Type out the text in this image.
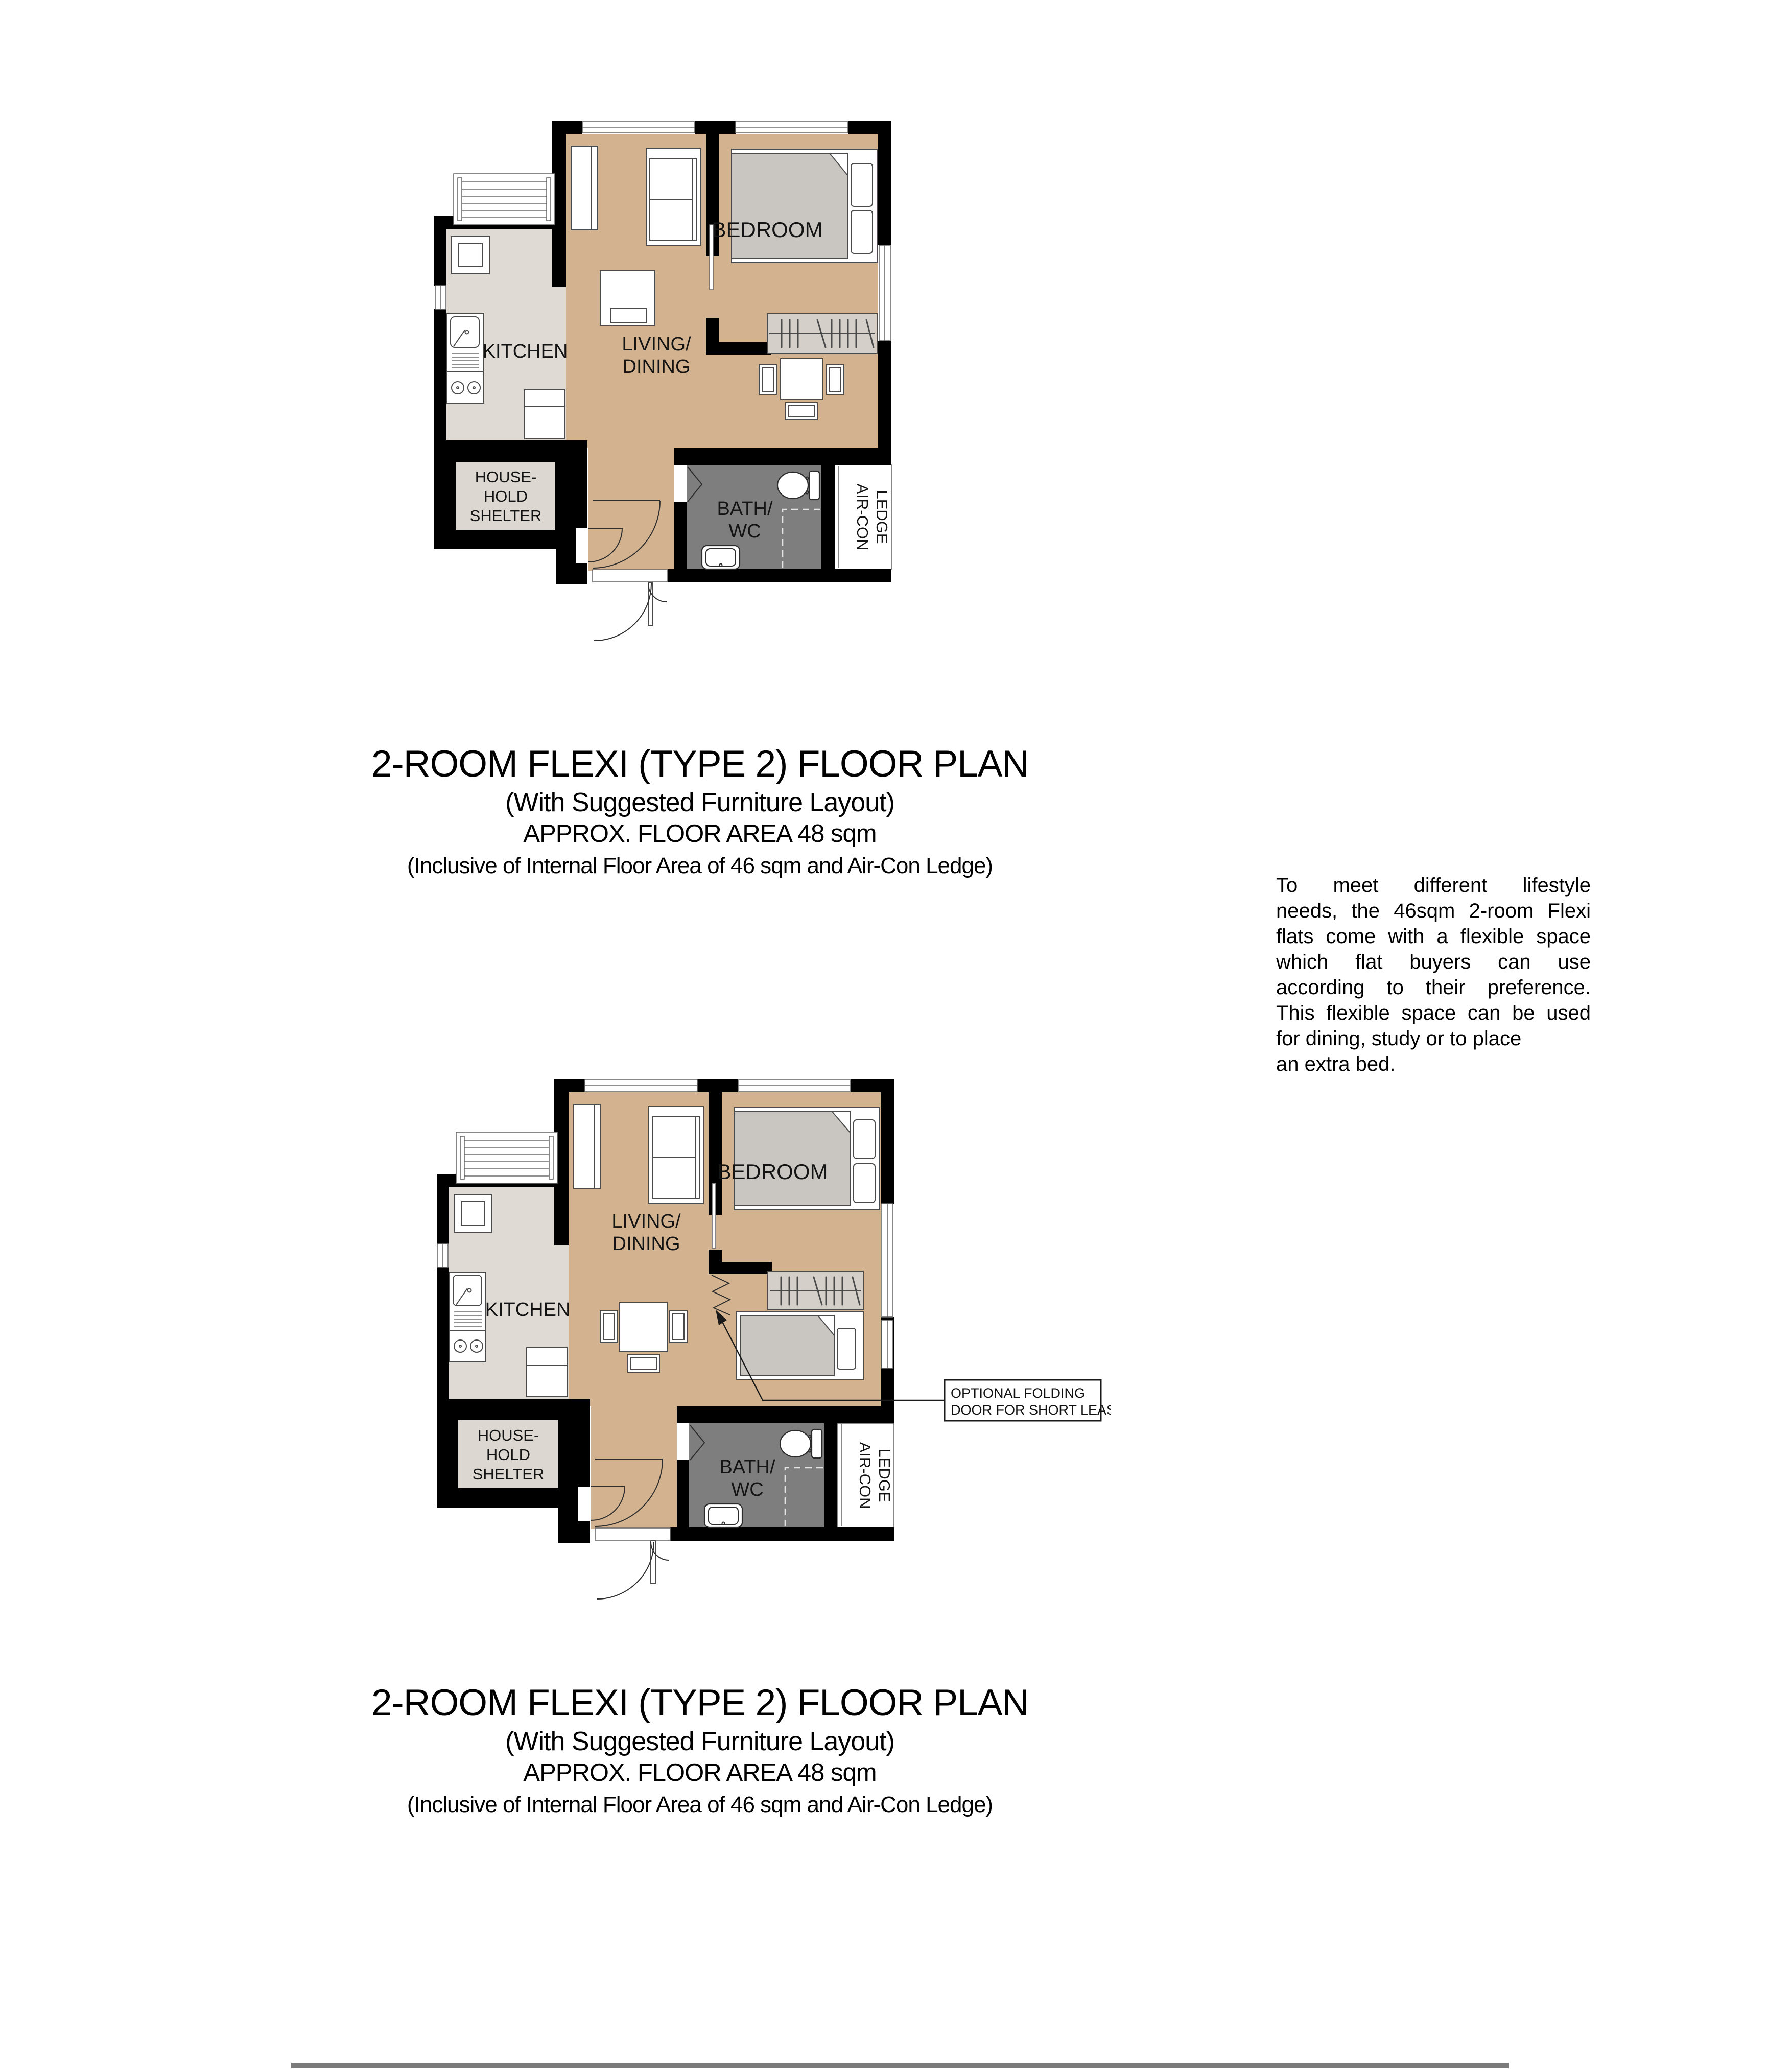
KITCHEN	LIVING/
DINING
BEDROOM
HOUSE-
HOLD
SHELTER	BATH/
WC	AIR-CON LEDGE
2-ROOM FLEXI (TYPE 2) FLOOR PLAN
(With Suggested Furniture Layout)
APPROX. FLOOR AREA 48 sqm
(Inclusive of Internal Floor Area of 46 sqm and Air-Con Ledge)
To meet different lifestyle
needs, the 46sqm 2-room Flexi
flats come with a flexible space
which flat buyers can use
according to their preference.
This flexible space can be used
for dining, study or to place
an extra bed.
OPTIONAL FOLDING
DOOR FOR SHORT LEASE
KITCHEN
LIVING/
DINING
BEDROOM
HOUSE-
HOLD
SHELTER	BATH/
WC	AIR-CON LEDGE
2-ROOM FLEXI (TYPE 2) FLOOR PLAN
(With Suggested Furniture Layout)
APPROX. FLOOR AREA 48 sqm
(Inclusive of Internal Floor Area of 46 sqm and Air-Con Ledge)
